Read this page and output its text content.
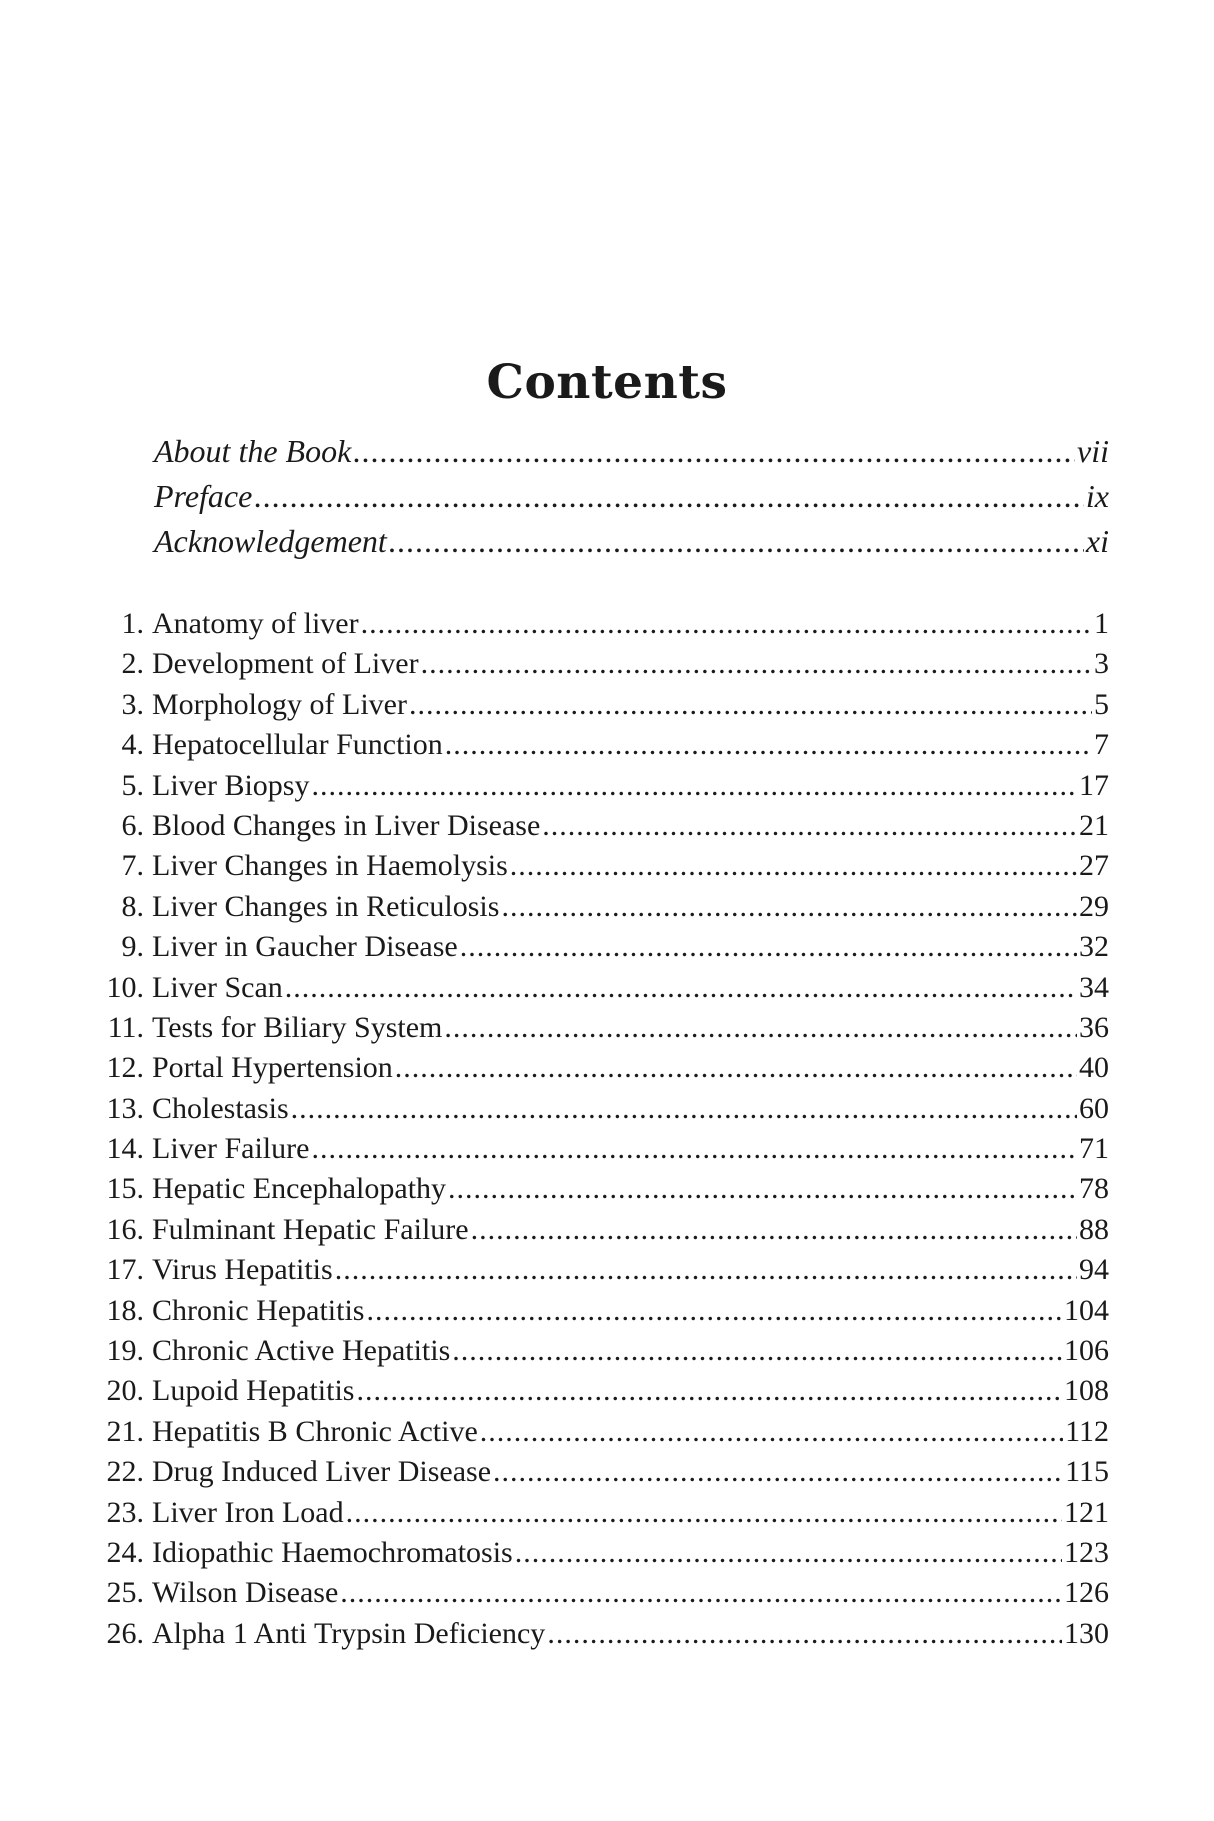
Contents
About the Book .....	vii
Preface .....	ix
Acknowledgement .....	xi
1. Anatomy of liver .....	1
2. Development of Liver .....	3
3. Morphology of Liver .....	5
4. Hepatocellular Function .....	7
5. Liver Biopsy .....	17
6. Blood Changes in Liver Disease .....	21
7. Liver Changes in Haemolysis .....	27
8. Liver Changes in Reticulosis .....	29
9. Liver in Gaucher Disease .....	32
10. Liver Scan .....	34
11. Tests for Biliary System .....	36
12. Portal Hypertension .....	40
13. Cholestasis .....	60
14. Liver Failure .....	71
15. Hepatic Encephalopathy .....	78
16. Fulminant Hepatic Failure .....	88
17. Virus Hepatitis .....	94
18. Chronic Hepatitis .....	104
19. Chronic Active Hepatitis .....	106
20. Lupoid Hepatitis .....	108
21. Hepatitis B Chronic Active .....	112
22. Drug Induced Liver Disease .....	115
23. Liver Iron Load .....	121
24. Idiopathic Haemochromatosis .....	123
25. Wilson Disease .....	126
26. Alpha 1 Anti Trypsin Deficiency .....	130
